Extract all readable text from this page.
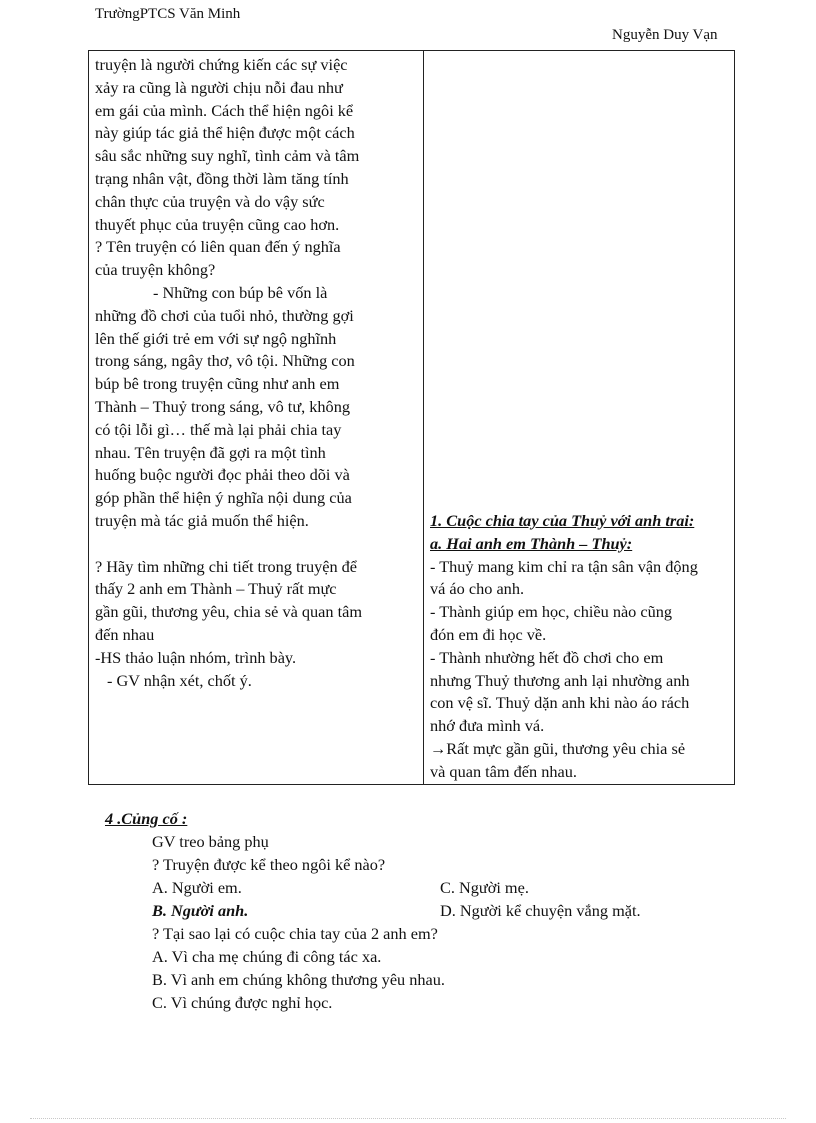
TrườngPTCS Văn Minh
Nguyễn Duy Vạn
truyện là người chứng kiến các sự việc
xảy ra cũng là người chịu nỗi đau như
em gái của mình. Cách thể hiện ngôi kể
này giúp tác giả thể hiện được một cách
sâu sắc những suy nghĩ, tình cảm và tâm
trạng nhân vật, đồng thời làm tăng tính
chân thực của truyện và do vậy sức
thuyết phục của truyện cũng cao hơn.
? Tên truyện có liên quan đến ý nghĩa
của truyện không?
- Những con búp bê vốn là
những đồ chơi của tuổi nhỏ, thường gợi
lên thế giới trẻ em với sự ngộ nghĩnh
trong sáng, ngây thơ, vô tội. Những con
búp bê trong truyện cũng như anh em
Thành – Thuỷ trong sáng, vô tư, không
có tội lỗi gì… thế mà lại phải chia tay
nhau. Tên truyện đã gợi ra một tình
huống buộc người đọc phải theo dõi và
góp phần thể hiện ý nghĩa nội dung của
truyện mà tác giả muốn thể hiện.
? Hãy tìm những chi tiết trong truyện để
thấy 2 anh em Thành – Thuỷ rất mực
gần gũi, thương yêu, chia sẻ và quan tâm
đến nhau
-HS thảo luận nhóm, trình bày.
- GV nhận xét, chốt ý.

1. Cuộc chia tay của Thuỷ với anh trai:
a. Hai anh em Thành – Thuỷ:
- Thuỷ mang kim chỉ ra tận sân vận động
vá áo cho anh.
- Thành giúp em học, chiều nào cũng
đón em đi học về.
- Thành nhường hết đồ chơi cho em
nhưng Thuỷ thương anh lại nhường anh
con vệ sĩ. Thuỷ dặn anh khi nào áo rách
nhớ đưa mình vá.
→Rất mực gần gũi, thương yêu chia sẻ
và quan tâm đến nhau.
4 .Củng cố :
GV treo bảng phụ
? Truyện được kể theo ngôi kể nào?
A. Người em.	C. Người mẹ.
B. Người anh.	D. Người kể chuyện vắng mặt.
? Tại sao lại có cuộc chia tay của 2 anh em?
A. Vì cha mẹ chúng đi công tác xa.
B. Vì anh em chúng không thương yêu nhau.
C. Vì chúng được nghỉ học.
